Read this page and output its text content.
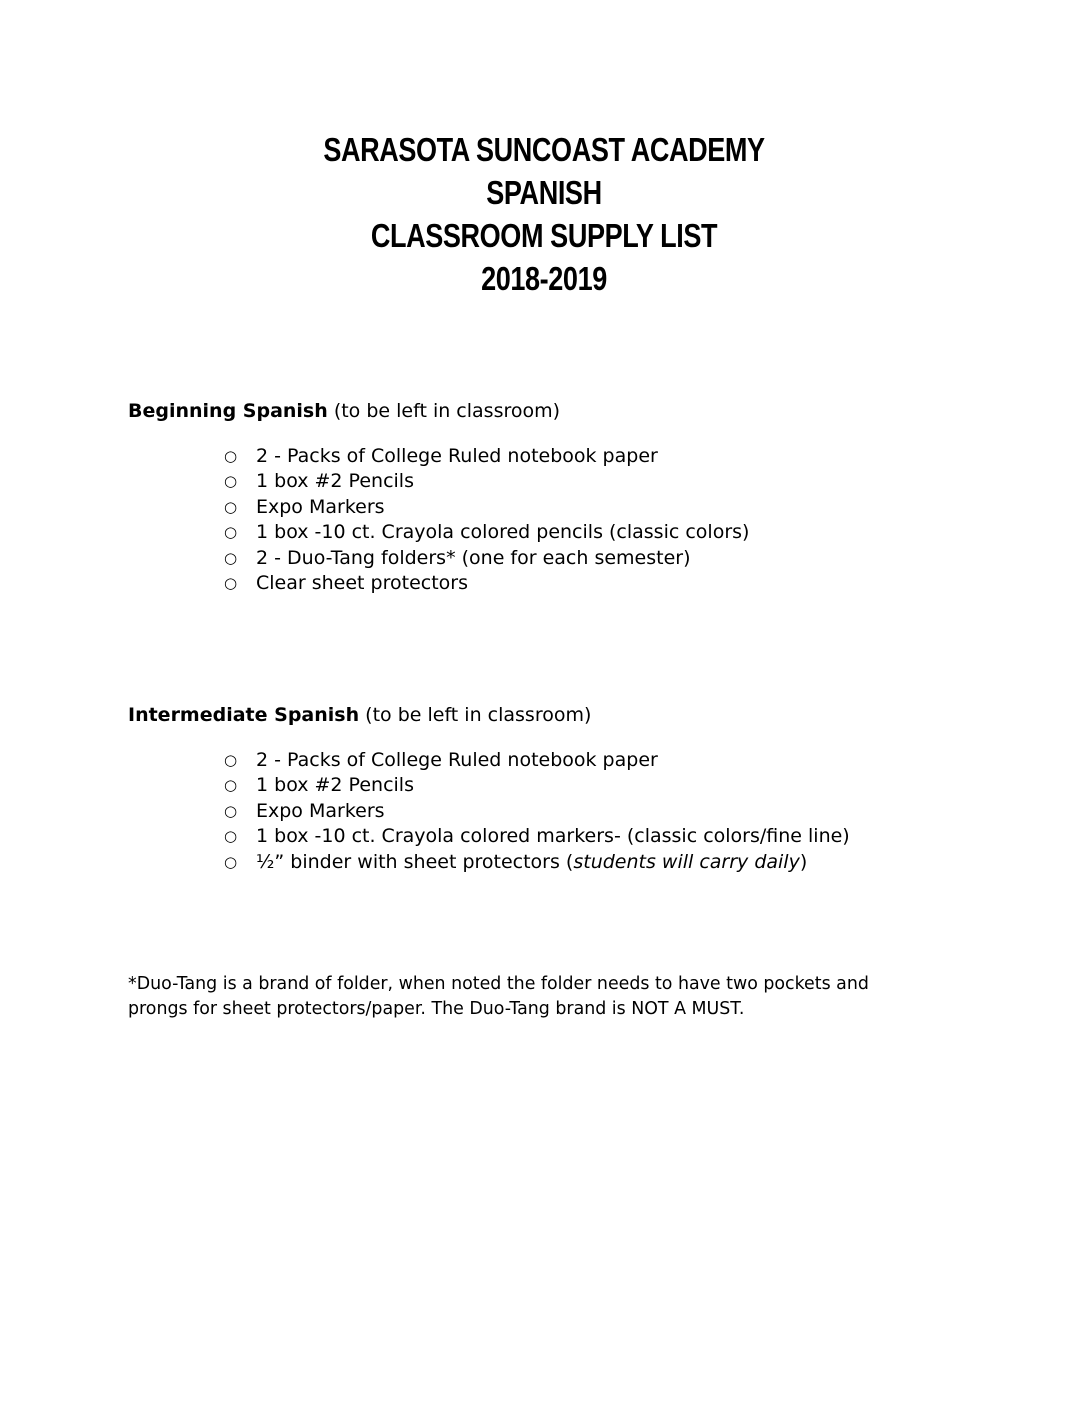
SARASOTA SUNCOAST ACADEMY
SPANISH
CLASSROOM SUPPLY LIST
2018-2019

Beginning Spanish (to be left in classroom)

○ 2 - Packs of College Ruled notebook paper
○ 1 box #2 Pencils
○ Expo Markers
○ 1 box -10 ct. Crayola colored pencils (classic colors)
○ 2 - Duo-Tang folders* (one for each semester)
○ Clear sheet protectors

Intermediate Spanish (to be left in classroom)

○ 2 - Packs of College Ruled notebook paper
○ 1 box #2 Pencils
○ Expo Markers
○ 1 box -10 ct. Crayola colored markers- (classic colors/fine line)
○ ½” binder with sheet protectors (students will carry daily)
*Duo-Tang is a brand of folder, when noted the folder needs to have two pockets and
prongs for sheet protectors/paper. The Duo-Tang brand is NOT A MUST.
